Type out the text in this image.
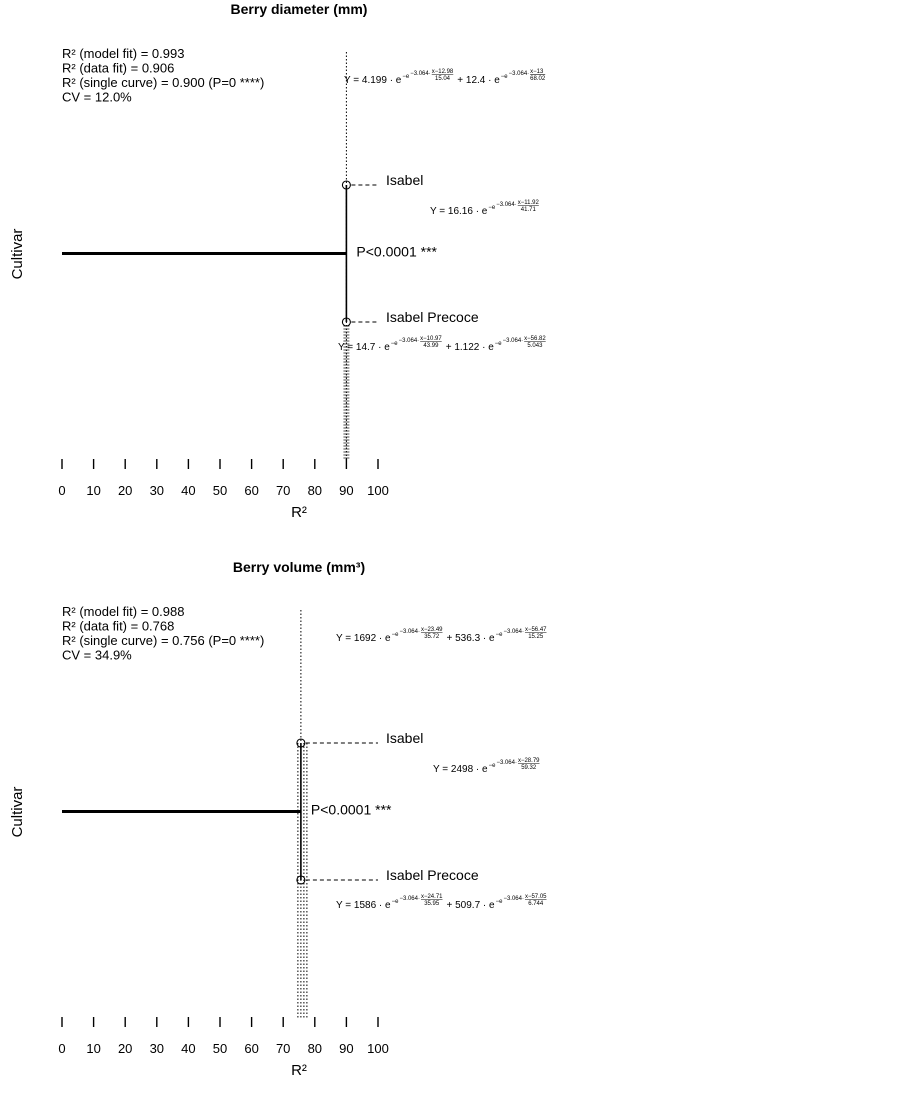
Berry diameter (mm)
R² (model fit) = 0.993
R² (data fit) = 0.906
R² (single curve) = 0.900 (P=0 ****)
CV = 12.0%
Cultivar
R²
0 10 20 30 40 50 60 70 80 90 100
Isabel
Isabel Precoce
P<0.0001 ***
Y = 4.199 · e −e −3.064· x−12.98
15.04 + 12.4 · e −e −3.064· x−13
68.02
Y = 16.16 · e −e −3.064· x−11.92
41.71
Y = 14.7 · e −e −3.064· x−10.97
43.99 + 1.122 · e −e −3.064· x−56.82
5.043
Berry volume (mm³)
R² (model fit) = 0.988
R² (data fit) = 0.768
R² (single curve) = 0.756 (P=0 ****)
CV = 34.9%
Cultivar
R²
0 10 20 30 40 50 60 70 80 90 100
Isabel
Isabel Precoce
P<0.0001 ***
Y = 1692 · e −e −3.064· x−23.49
35.72 + 536.3 · e −e −3.064· x−56.47
15.25
Y = 2498 · e −e −3.064· x−28.79
59.32
Y = 1586 · e −e −3.064· x−24.71
35.95 + 509.7 · e −e −3.064· x−57.05
6.744
